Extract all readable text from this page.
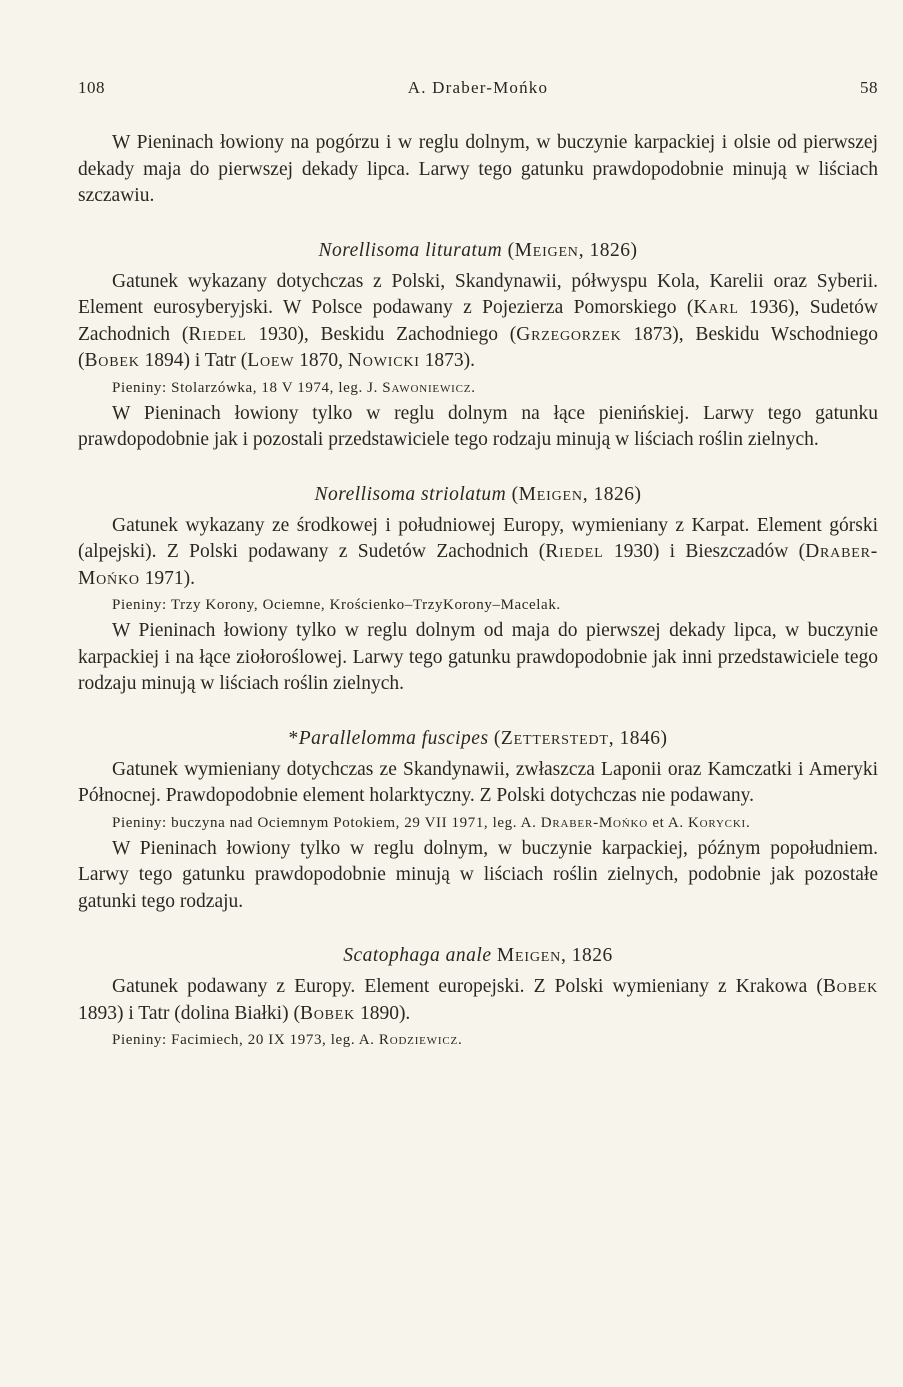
108	A. Draber-Mońko	58

W Pieninach łowiony na pogórzu i w reglu dolnym, w buczynie karpackiej i olsie od pierwszej dekady maja do pierwszej dekady lipca. Larwy tego gatunku prawdopodobnie minują w liściach szczawiu.

Norellisoma lituratum (Meigen, 1826)

Gatunek wykazany dotychczas z Polski, Skandynawii, półwyspu Kola, Karelii oraz Syberii. Element eurosyberyjski. W Polsce podawany z Pojezierza Pomorskiego (Karl 1936), Sudetów Zachodnich (Riedel 1930), Beskidu Zachodniego (Grzegorzek 1873), Beskidu Wschodniego (Bobek 1894) i Tatr (Loew 1870, Nowicki 1873).

Pieniny: Stolarzówka, 18 V 1974, leg. J. Sawoniewicz.

W Pieninach łowiony tylko w reglu dolnym na łące pienińskiej. Larwy tego gatunku prawdopodobnie jak i pozostali przedstawiciele tego rodzaju minują w liściach roślin zielnych.

Norellisoma striolatum (Meigen, 1826)

Gatunek wykazany ze środkowej i południowej Europy, wymieniany z Karpat. Element górski (alpejski). Z Polski podawany z Sudetów Zachodnich (Riedel 1930) i Bieszczadów (Draber-Mońko 1971).

Pieniny: Trzy Korony, Ociemne, Krościenko–TrzyKorony–Macelak.

W Pieninach łowiony tylko w reglu dolnym od maja do pierwszej dekady lipca, w buczynie karpackiej i na łące ziołoroślowej. Larwy tego gatunku prawdopodobnie jak inni przedstawiciele tego rodzaju minują w liściach roślin zielnych.

*Parallelomma fuscipes (Zetterstedt, 1846)

Gatunek wymieniany dotychczas ze Skandynawii, zwłaszcza Laponii oraz Kamczatki i Ameryki Północnej. Prawdopodobnie element holarktyczny. Z Polski dotychczas nie podawany.

Pieniny: buczyna nad Ociemnym Potokiem, 29 VII 1971, leg. A. Draber-Mońko et A. Korycki.

W Pieninach łowiony tylko w reglu dolnym, w buczynie karpackiej, późnym popołudniem. Larwy tego gatunku prawdopodobnie minują w liściach roślin zielnych, podobnie jak pozostałe gatunki tego rodzaju.

Scatophaga anale Meigen, 1826

Gatunek podawany z Europy. Element europejski. Z Polski wymieniany z Krakowa (Bobek 1893) i Tatr (dolina Białki) (Bobek 1890).

Pieniny: Facimiech, 20 IX 1973, leg. A. Rodziewicz.
